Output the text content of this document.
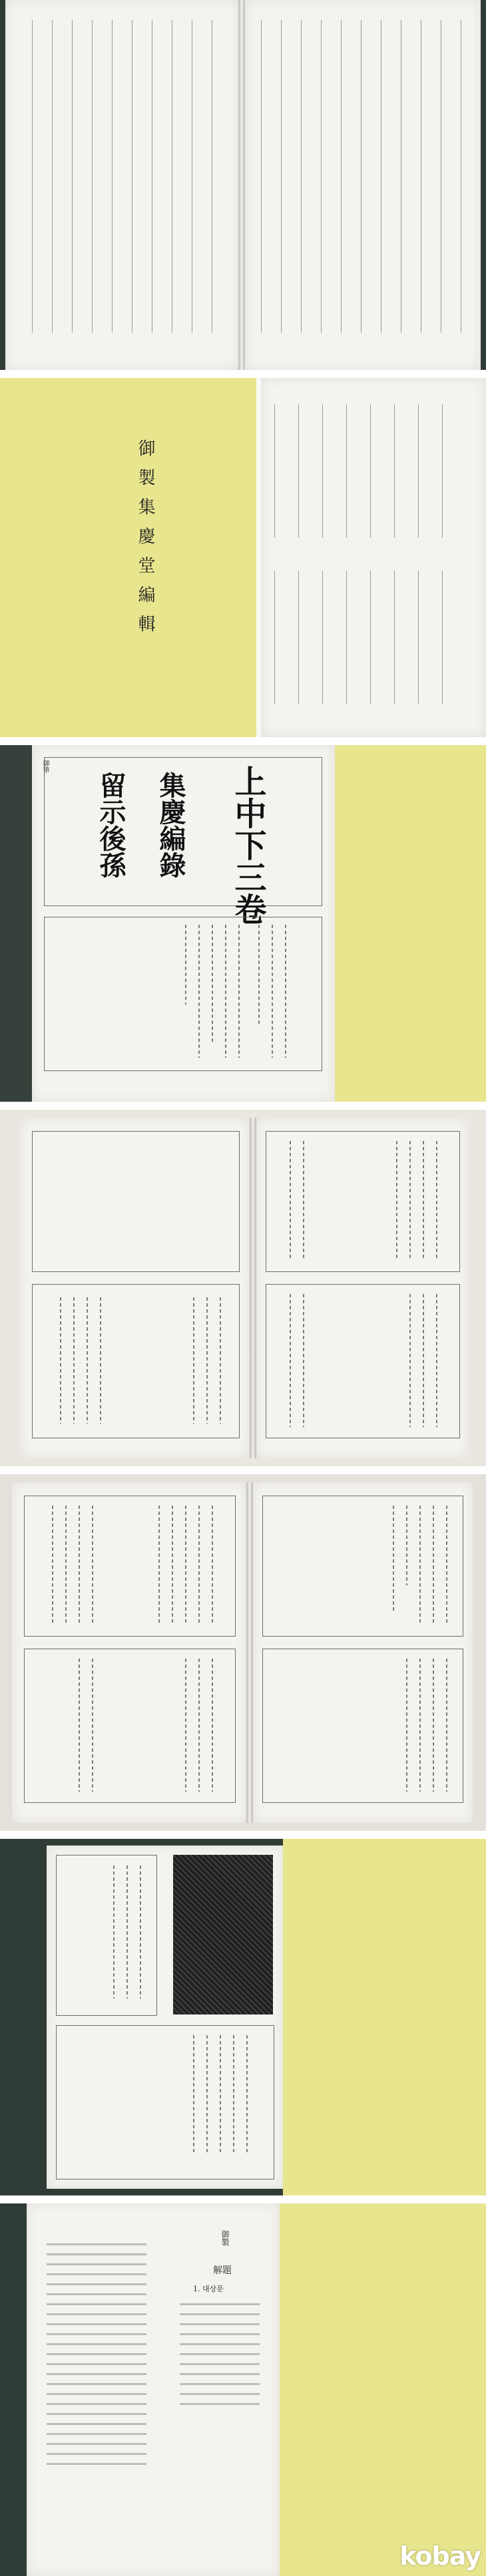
御製集慶堂編輯
御筆	上中下三卷
集慶編錄
留示後孫
御製
解題
1. 대상문
kobay
